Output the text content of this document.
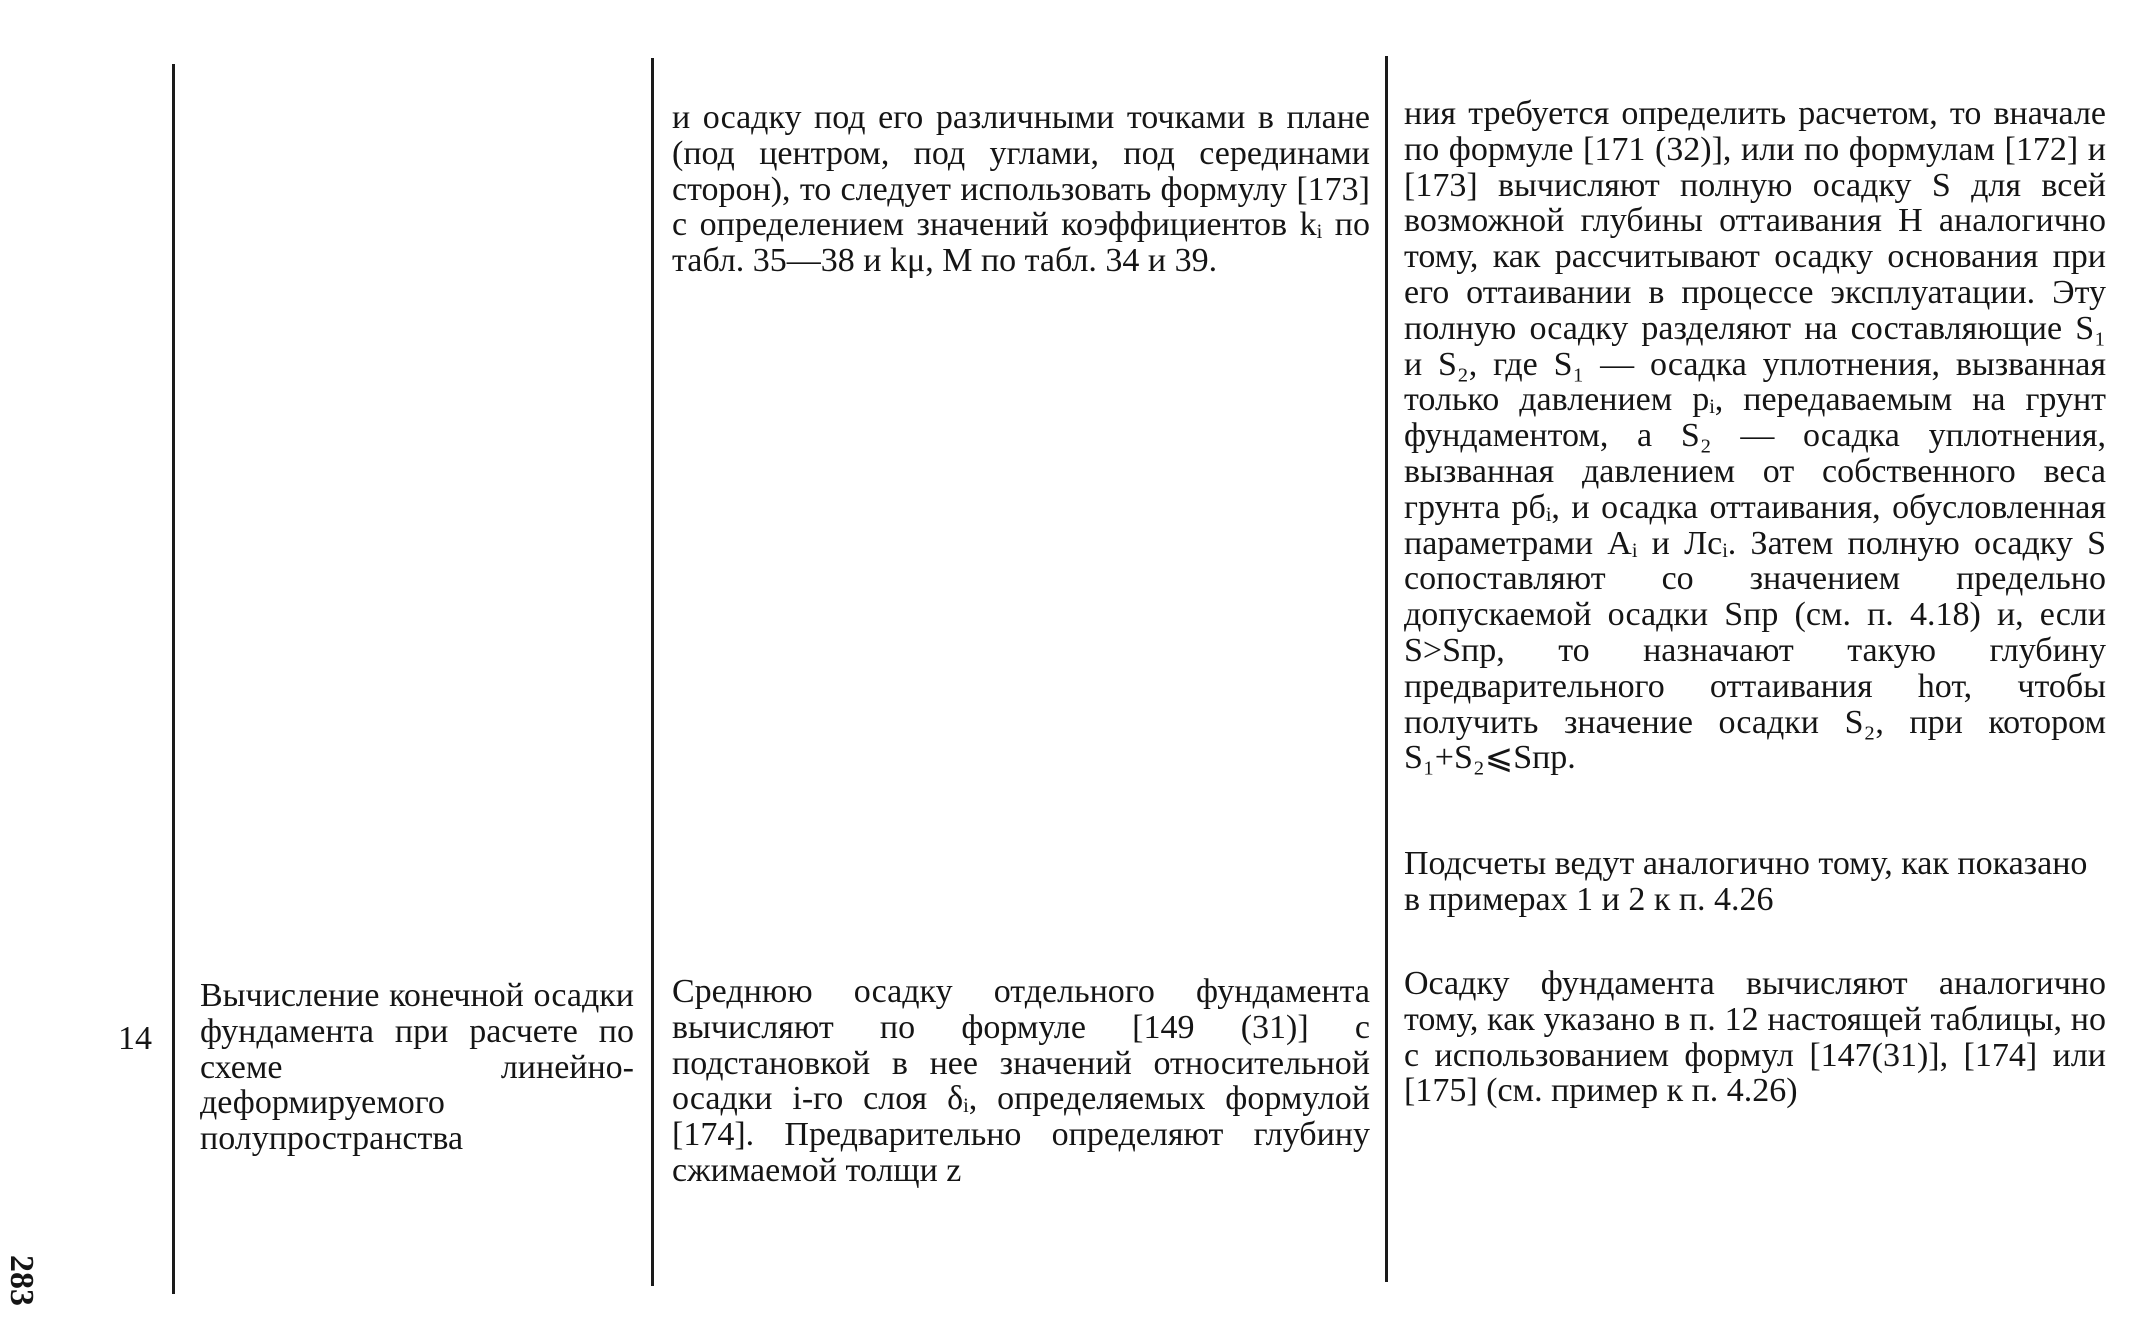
и осадку под его различными точками в плане (под центром, под углами, под серединами сторон), то следует использовать формулу [173] с определением значений коэффициентов kᵢ по табл. 35—38 и kμ, M по табл. 34 и 39.

ния требуется определить расчетом, то вначале по формуле [171 (32)], или по формулам [172] и [173] вычисляют полную осадку S для всей возможной глубины оттаивания H аналогично тому, как рассчитывают осадку основания при его оттаивании в процессе эксплуатации. Эту полную осадку разделяют на составляющие S₁ и S₂, где S₁ — осадка уплотнения, вызванная только давлением pᵢ, передаваемым на грунт фундаментом, а S₂ — осадка уплотнения, вызванная давлением от собственного веса грунта pбᵢ, и осадка оттаивания, обусловленная параметрами Aᵢ и Лсᵢ. Затем полную осадку S сопоставляют со значением предельно допускаемой осадки Sпр (см. п. 4.18) и, если S>Sпр, то назначают такую глубину предварительного оттаивания hот, чтобы получить значение осадки S₂, при котором S₁+S₂⩽Sпр.

Подсчеты ведут аналогично тому, как показано в примерах 1 и 2 к п. 4.26

14

Вычисление конечной осадки фундамента при расчете по схеме линейно-деформируемого полупространства

Среднюю осадку отдельного фундамента вычисляют по формуле [149 (31)] с подстановкой в нее значений относительной осадки i-го слоя δᵢ, определяемых формулой [174]. Предварительно определяют глубину сжимаемой толщи z

Осадку фундамента вычисляют аналогично тому, как указано в п. 12 настоящей таблицы, но с использованием формул [147(31)], [174] или [175] (см. пример к п. 4.26)

283
